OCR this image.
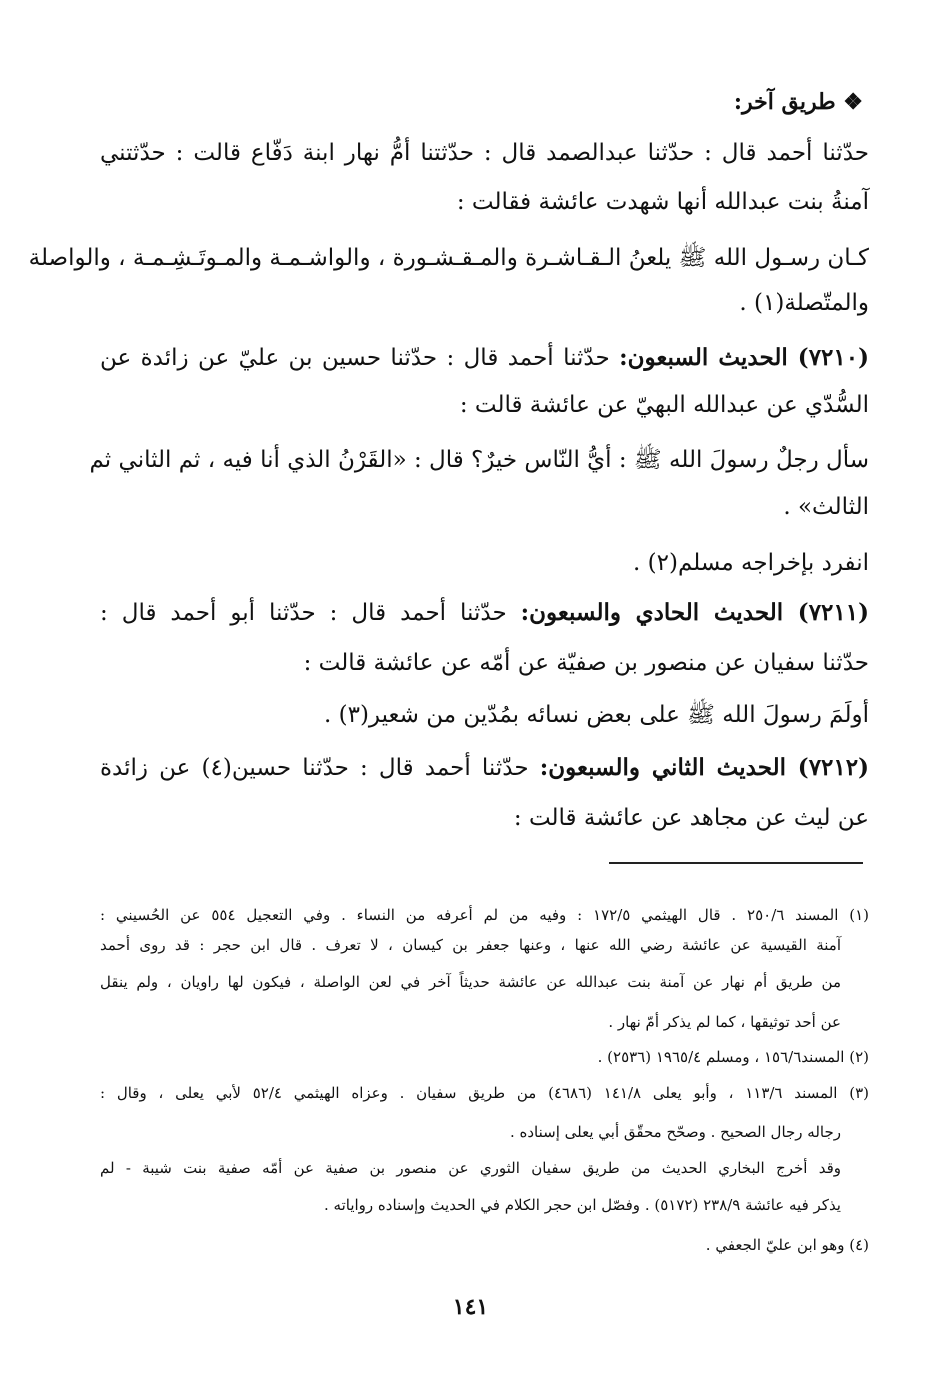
❖ طريق آخر:
حدّثنا أحمد قال : حدّثنا عبدالصمد قال : حدّثتنا أمُّ نهار ابنة دَفّاع قالت : حدّثتني
آمنةُ بنت عبدالله أنها شهدت عائشة فقالت :
كـان رسـول الله ﷺ يلعنُ الـقـاشـرة والمـقـشـورة ، والواشـمـة والمـوتَـشِـمـة ، والواصلة
والمتّصلة(١) .
(٧٢١٠) الحديث السبعون: حدّثنا أحمد قال : حدّثنا حسين بن عليّ عن زائدة عن
السُّدّي عن عبدالله البهيّ عن عائشة قالت :
سأل رجلٌ رسولَ الله ﷺ : أيُّ النّاس خيرٌ؟ قال : «القَرْنُ الذي أنا فيه ، ثم الثاني ثم
الثالث» .
انفرد بإخراجه مسلم(٢) .
(٧٢١١) الحديث الحادي والسبعون: حدّثنا أحمد قال : حدّثنا أبو أحمد قال :
حدّثنا سفيان عن منصور بن صفيّة عن أمّه عن عائشة قالت :
أولَمَ رسولَ الله ﷺ على بعض نسائه بمُدّين من شعير(٣) .
(٧٢١٢) الحديث الثاني والسبعون: حدّثنا أحمد قال : حدّثنا حسين(٤) عن زائدة
عن ليث عن مجاهد عن عائشة قالت :
(١) المسند ٢٥٠/٦ . قال الهيثمي ١٧٢/٥ : وفيه من لم أعرفه من النساء . وفي التعجيل ٥٥٤ عن الحُسيني :
آمنة القيسية عن عائشة رضي الله عنها ، وعنها جعفر بن كيسان ، لا تعرف . قال ابن حجر : قد روى أحمد
من طريق أم نهار عن آمنة بنت عبدالله عن عائشة حديثاً آخر في لعن الواصلة ، فيكون لها راويان ، ولم ينقل
عن أحد توثيقها ، كما لم يذكر أمّ نهار .
(٢) المسند١٥٦/٦ ، ومسلم ١٩٦٥/٤ (٢٥٣٦) .
(٣) المسند ١١٣/٦ ، وأبو يعلى ١٤١/٨ (٤٦٨٦) من طريق سفيان . وعزاه الهيثمي ٥٢/٤ لأبي يعلى ، وقال :
رجاله رجال الصحيح . وصحّح محقّق أبي يعلى إسناده .
وقد أخرج البخاري الحديث من طريق سفيان الثوري عن منصور بن صفية عن أمّه صفية بنت شيبة - لم
يذكر فيه عائشة ٢٣٨/٩ (٥١٧٢) . وفصّل ابن حجر الكلام في الحديث وإسناده رواياته .
(٤) وهو ابن عليّ الجعفي .
١٤١
